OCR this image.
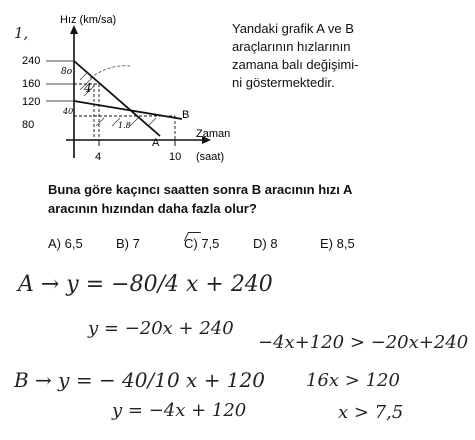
1,
240
160
120
80
Hız (km/sa)
Zaman
(saat)
4	10
A
B
8o
4
40
1.8
Yandaki grafik A ve B
araçlarının hızlarının
zamana balı değişimi-
ni göstermektedir.
Buna göre kaçıncı saatten sonra B aracının hızı A
aracının hızından daha fazla olur?
A) 6,5	B) 7	C) 7,5	D) 8	E) 8,5
A → y = −80/4 x + 240
y = −20x + 240
−4x+120 > −20x+240
B → y = − 40/10 x + 120
y = −4x + 120
16x > 120
x > 7,5
